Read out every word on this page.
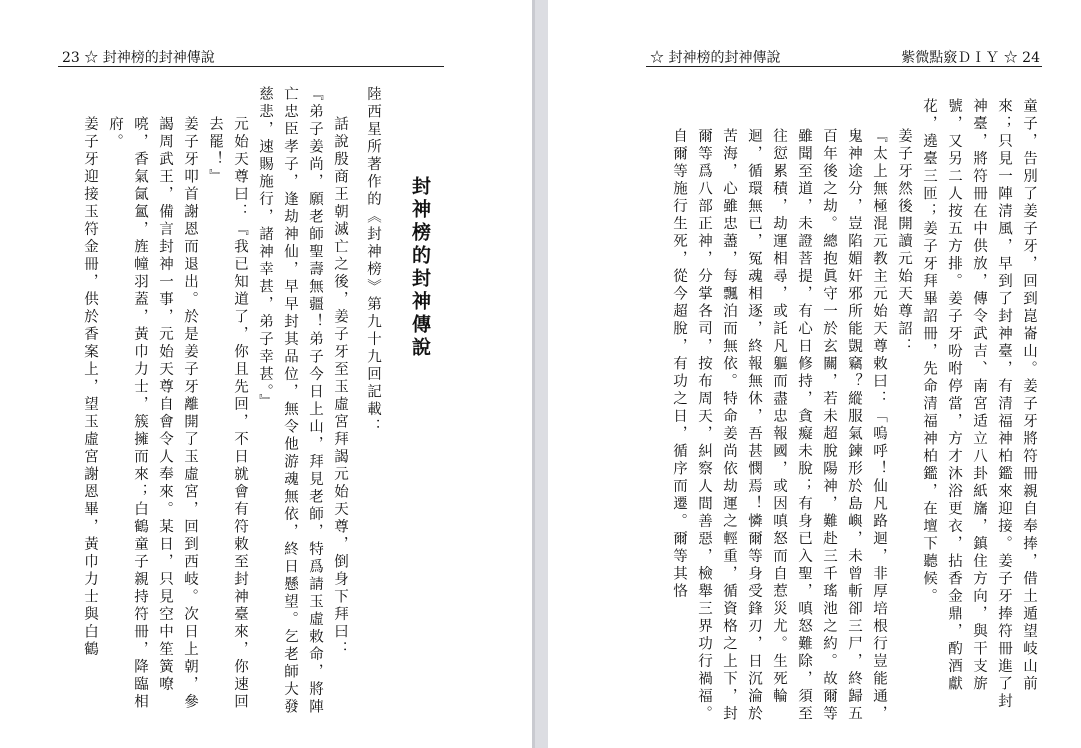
23 ☆ 封神榜的封神傳說
封神榜的封神傳說
陸西星所著作的《封神榜》第九十九回記載：
話說殷商王朝滅亡之後，姜子牙至玉虛宮拜謁元始天尊，倒身下拜曰：
『弟子姜尚，願老師聖壽無疆！弟子今日上山，拜見老師，特爲請玉虛敕命，將陣亡忠臣孝子，逢劫神仙，早早封其品位，無令他游魂無依，終日懸望。乞老師大發慈悲，速賜施行，諸神幸甚，弟子幸甚。』
元始天尊曰：『我已知道了，你且先回，不日就會有符敕至封神臺來，你速回去罷！』
姜子牙叩首謝恩而退出。於是姜子牙離開了玉虛宮，回到西岐。次日上朝，參謁周武王，備言封神一事，元始天尊自會令人奉來。某日，只見空中笙簧嘹喨，香氣氤氳，旌幢羽蓋，黃巾力士，簇擁而來；白鶴童子親持符冊，降臨相府。
姜子牙迎接玉符金冊，供於香案上，望玉虛宮謝恩畢，黃巾力士與白鶴
☆ 封神榜的封神傳說	紫微點竅ＤＩＹ ☆ 24
童子，告別了姜子牙，回到崑崙山。姜子牙將符冊親自奉捧，借土遁望岐山前來；只見一陣清風，早到了封神臺，有清福神柏鑑來迎接。姜子牙捧符冊進了封神臺，將符冊在中供放，傳令武吉、南宮适立八卦紙旛，鎮住方向，與干支旂號，又另二人按五方排。姜子牙吩咐停當，方才沐浴更衣，拈香金鼎，酌酒獻花，遶臺三匝；姜子牙拜畢詔冊，先命清福神柏鑑，在壇下聽候。
姜子牙然後開讀元始天尊詔：
『太上無極混元教主元始天尊敕曰：「嗚呼！仙凡路迴，非厚培根行豈能通，鬼神途分，豈陷媚奸邪所能覬竊？縱服氣鍊形於島嶼，未曾斬卻三尸，終歸五百年後之劫。總抱眞守一於玄關，若未超脫陽神，難赴三千瑤池之約。故爾等雖聞至道，未證菩提，有心日修持，貪癡未脫；有身已入聖，嗔怒難除，須至往愆累積，劫運相尋，或託凡軀而盡忠報國，或因嗔怒而自惹災尤。生死輪迴，循環無已，冤魂相逐，終報無休，吾甚憫焉！憐爾等身受鋒刃，日沉淪於苦海，心雖忠藎，每飄泊而無依。特命姜尚依劫運之輕重，循資格之上下，封爾等爲八部正神，分掌各司，按布周天，糾察人間善惡，檢舉三界功行禍福。自爾等施行生死，從今超脫，有功之日，循序而遷。爾等其恪
